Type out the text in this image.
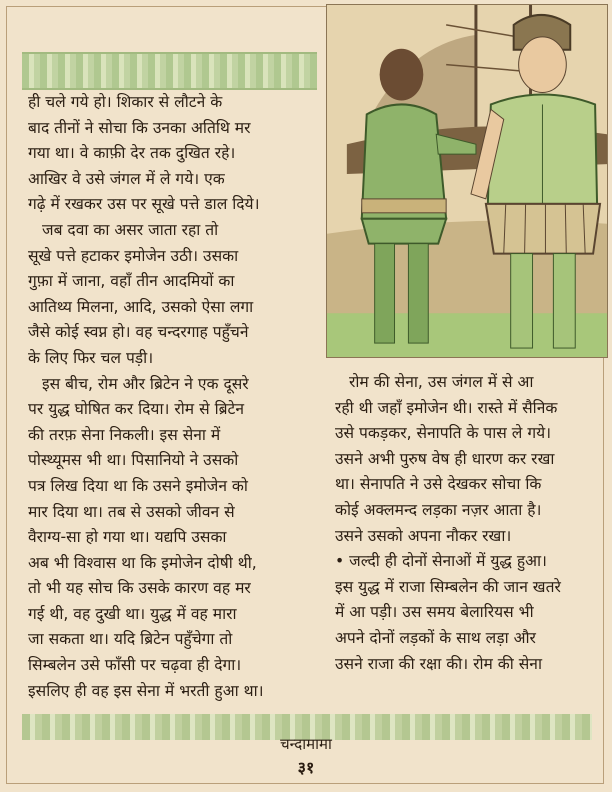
ही चले गये हो। शिकार से लौटने के
बाद तीनों ने सोचा कि उनका अतिथि मर
गया था। वे काफ़ी देर तक दुखित रहे।
आखिर वे उसे जंगल में ले गये। एक
गढ़े में रखकर उस पर सूखे पत्ते डाल दिये।
जब दवा का असर जाता रहा तो
सूखे पत्ते हटाकर इमोजेन उठी। उसका
गुफ़ा में जाना, वहाँ तीन आदमियों का
आतिथ्य मिलना, आदि, उसको ऐसा लगा
जैसे कोई स्वप्न हो। वह चन्दरगाह पहुँचने
के लिए फिर चल पड़ी।
इस बीच, रोम और ब्रिटेन ने एक दूसरे
पर युद्ध घोषित कर दिया। रोम से ब्रिटेन
की तरफ़ सेना निकली। इस सेना में
पोस्थ्यूमस भी था। पिसानियो ने उसको
पत्र लिख दिया था कि उसने इमोजेन को
मार दिया था। तब से उसको जीवन से
वैराग्य-सा हो गया था। यद्यपि उसका
अब भी विश्वास था कि इमोजेन दोषी थी,
तो भी यह सोच कि उसके कारण वह मर
गई थी, वह दुखी था। युद्ध में वह मारा
जा सकता था। यदि ब्रिटेन पहुँचेगा तो
सिम्बलेन उसे फाँसी पर चढ़वा ही देगा।
इसलिए ही वह इस सेना में भरती हुआ था।
रोम की सेना, उस जंगल में से आ
रही थी जहाँ इमोजेन थी। रास्ते में सैनिक
उसे पकड़कर, सेनापति के पास ले गये।
उसने अभी पुरुष वेष ही धारण कर रखा
था। सेनापति ने उसे देखकर सोचा कि
कोई अक्लमन्द लड़का नज़र आता है।
उसने उसको अपना नौकर रखा।
• जल्दी ही दोनों सेनाओं में युद्ध हुआ।
इस युद्ध में राजा सिम्बलेन की जान खतरे
में आ पड़ी। उस समय बेलारियस भी
अपने दोनों लड़कों के साथ लड़ा और
उसने राजा की रक्षा की। रोम की सेना
चन्दामामा
३१
